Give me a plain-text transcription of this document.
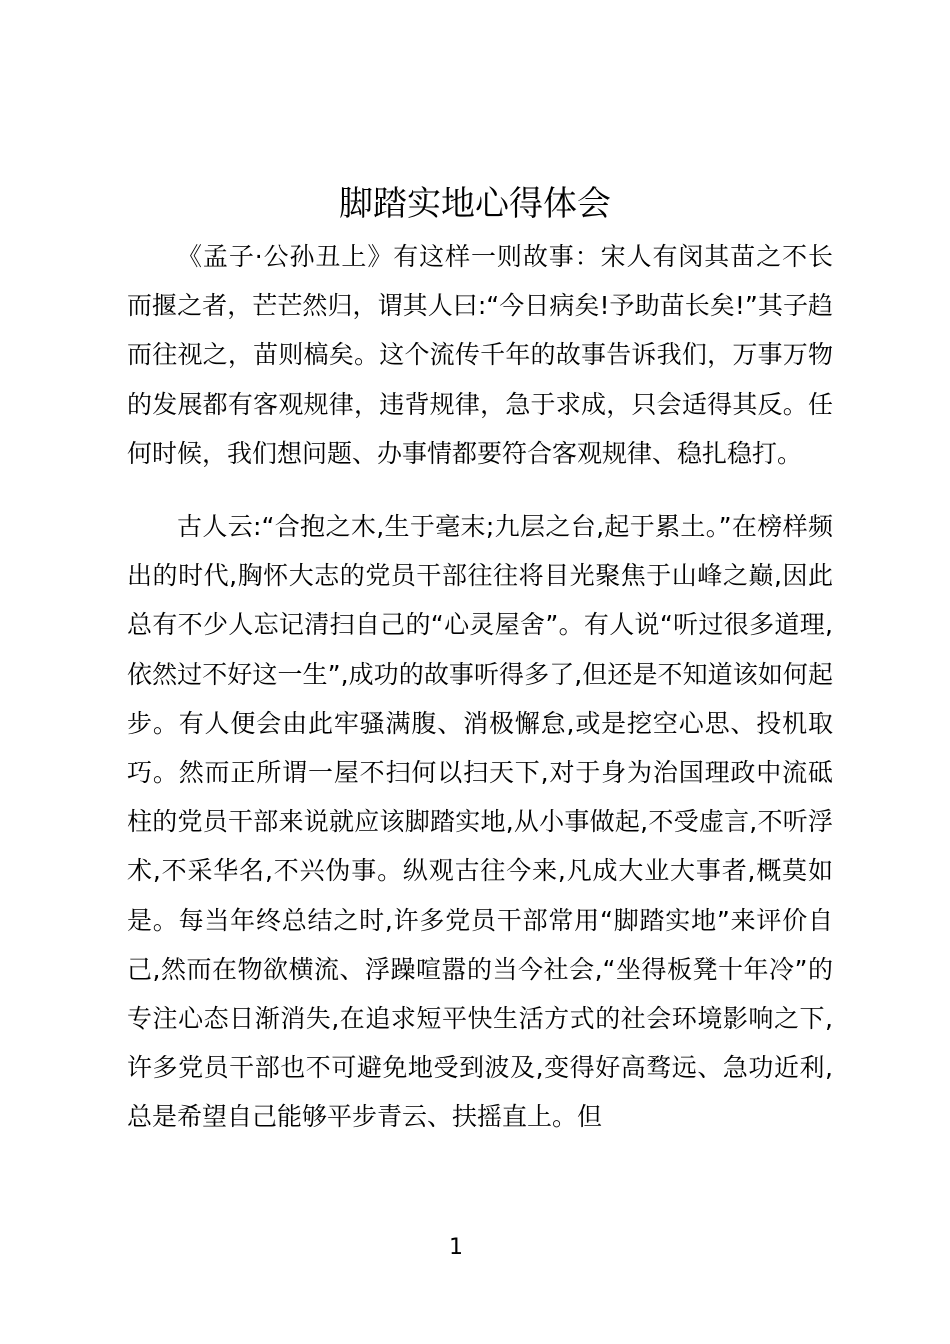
脚踏实地心得体会

《孟子·公孙丑上》有这样一则故事：宋人有闵其苗之不长而揠之者，芒芒然归，谓其人曰:“今日病矣!予助苗长矣!”其子趋而往视之，苗则槁矣。这个流传千年的故事告诉我们，万事万物的发展都有客观规律，违背规律，急于求成，只会适得其反。任何时候，我们想问题、办事情都要符合客观规律、稳扎稳打。

古人云:“合抱之木,生于毫末;九层之台,起于累土。”在榜样频出的时代,胸怀大志的党员干部往往将目光聚焦于山峰之巅,因此总有不少人忘记清扫自己的“心灵屋舍”。有人说“听过很多道理,依然过不好这一生”,成功的故事听得多了,但还是不知道该如何起步。有人便会由此牢骚满腹、消极懈怠,或是挖空心思、投机取巧。然而正所谓一屋不扫何以扫天下,对于身为治国理政中流砥柱的党员干部来说就应该脚踏实地,从小事做起,不受虚言,不听浮术,不采华名,不兴伪事。纵观古往今来,凡成大业大事者,概莫如是。每当年终总结之时,许多党员干部常用“脚踏实地”来评价自己,然而在物欲横流、浮躁喧嚣的当今社会,“坐得板凳十年冷”的专注心态日渐消失,在追求短平快生活方式的社会环境影响之下,许多党员干部也不可避免地受到波及,变得好高骛远、急功近利,总是希望自己能够平步青云、扶摇直上。但

1
